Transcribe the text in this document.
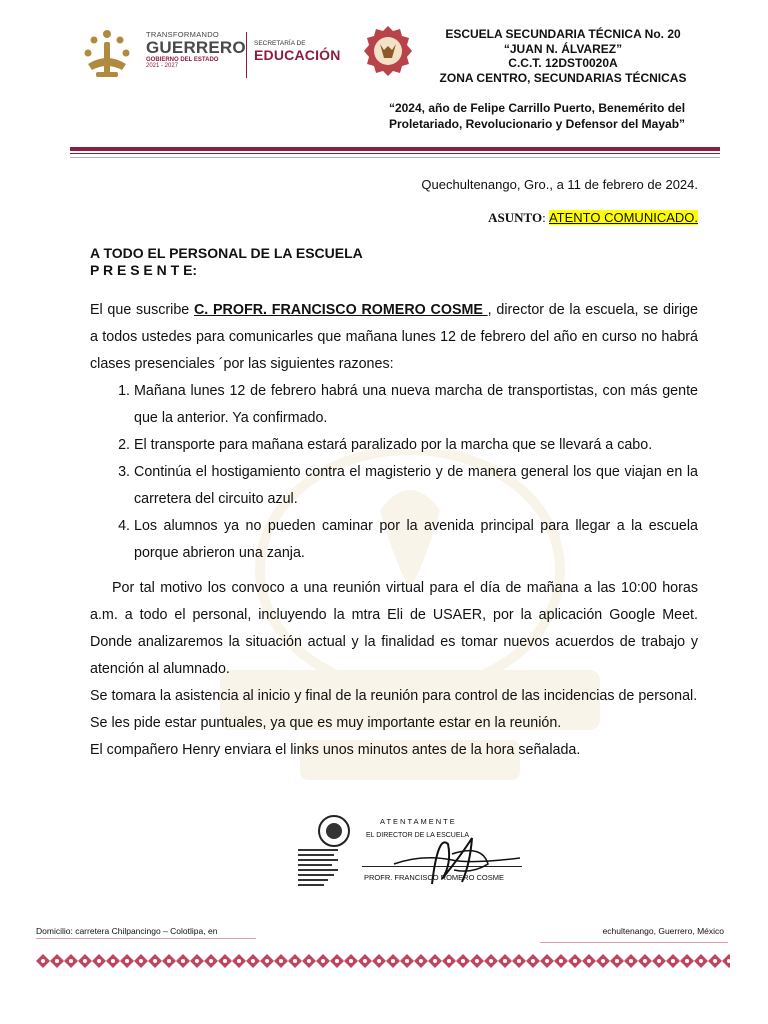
TRANSFORMANDO
GUERRERO
GOBIERNO DEL ESTADO
2021 - 2027
SECRETARÍA DE
EDUCACIÓN
ESCUELA SECUNDARIA TÉCNICA No. 20
“JUAN N. ÁLVAREZ”
C.C.T. 12DST0020A
ZONA CENTRO, SECUNDARIAS TÉCNICAS
“2024, año de Felipe Carrillo Puerto, Benemérito del Proletariado, Revolucionario y Defensor del Mayab”
Quechultenango, Gro., a 11 de febrero de 2024.
ASUNTO: ATENTO COMUNICADO.
A TODO EL PERSONAL DE LA ESCUELA
P R E S E N T E:

El que suscribe C. PROFR. FRANCISCO ROMERO COSME , director de la escuela, se dirige a todos ustedes para comunicarles que mañana lunes 12 de febrero del año en curso no habrá clases presenciales ´por las siguientes razones:

1. Mañana lunes 12 de febrero habrá una nueva marcha de transportistas, con más gente que la anterior. Ya confirmado.
2. El transporte para mañana estará paralizado por la marcha que se llevará a cabo.
3. Continúa el hostigamiento contra el magisterio y de manera general los que viajan en la carretera del circuito azul.
4. Los alumnos ya no pueden caminar por la avenida principal para llegar a la escuela porque abrieron una zanja.

Por tal motivo los convoco a una reunión virtual para el día de mañana a las 10:00 horas a.m. a todo el personal, incluyendo la mtra Eli de USAER, por la aplicación Google Meet. Donde analizaremos la situación actual y la finalidad es tomar nuevos acuerdos de trabajo y atención al alumnado.

Se tomara la asistencia al inicio y final de la reunión para control de las incidencias de personal.

Se les pide estar puntuales, ya que es muy importante estar en la reunión.

El compañero Henry enviara el links unos minutos antes de la hora señalada.

ATENTAMENTE
EL DIRECTOR DE LA ESCUELA
PROFR. FRANCISCO ROMERO COSME
Domicilio: carretera Chilpancingo – Colotlipa, en	echultenango, Guerrero, México
